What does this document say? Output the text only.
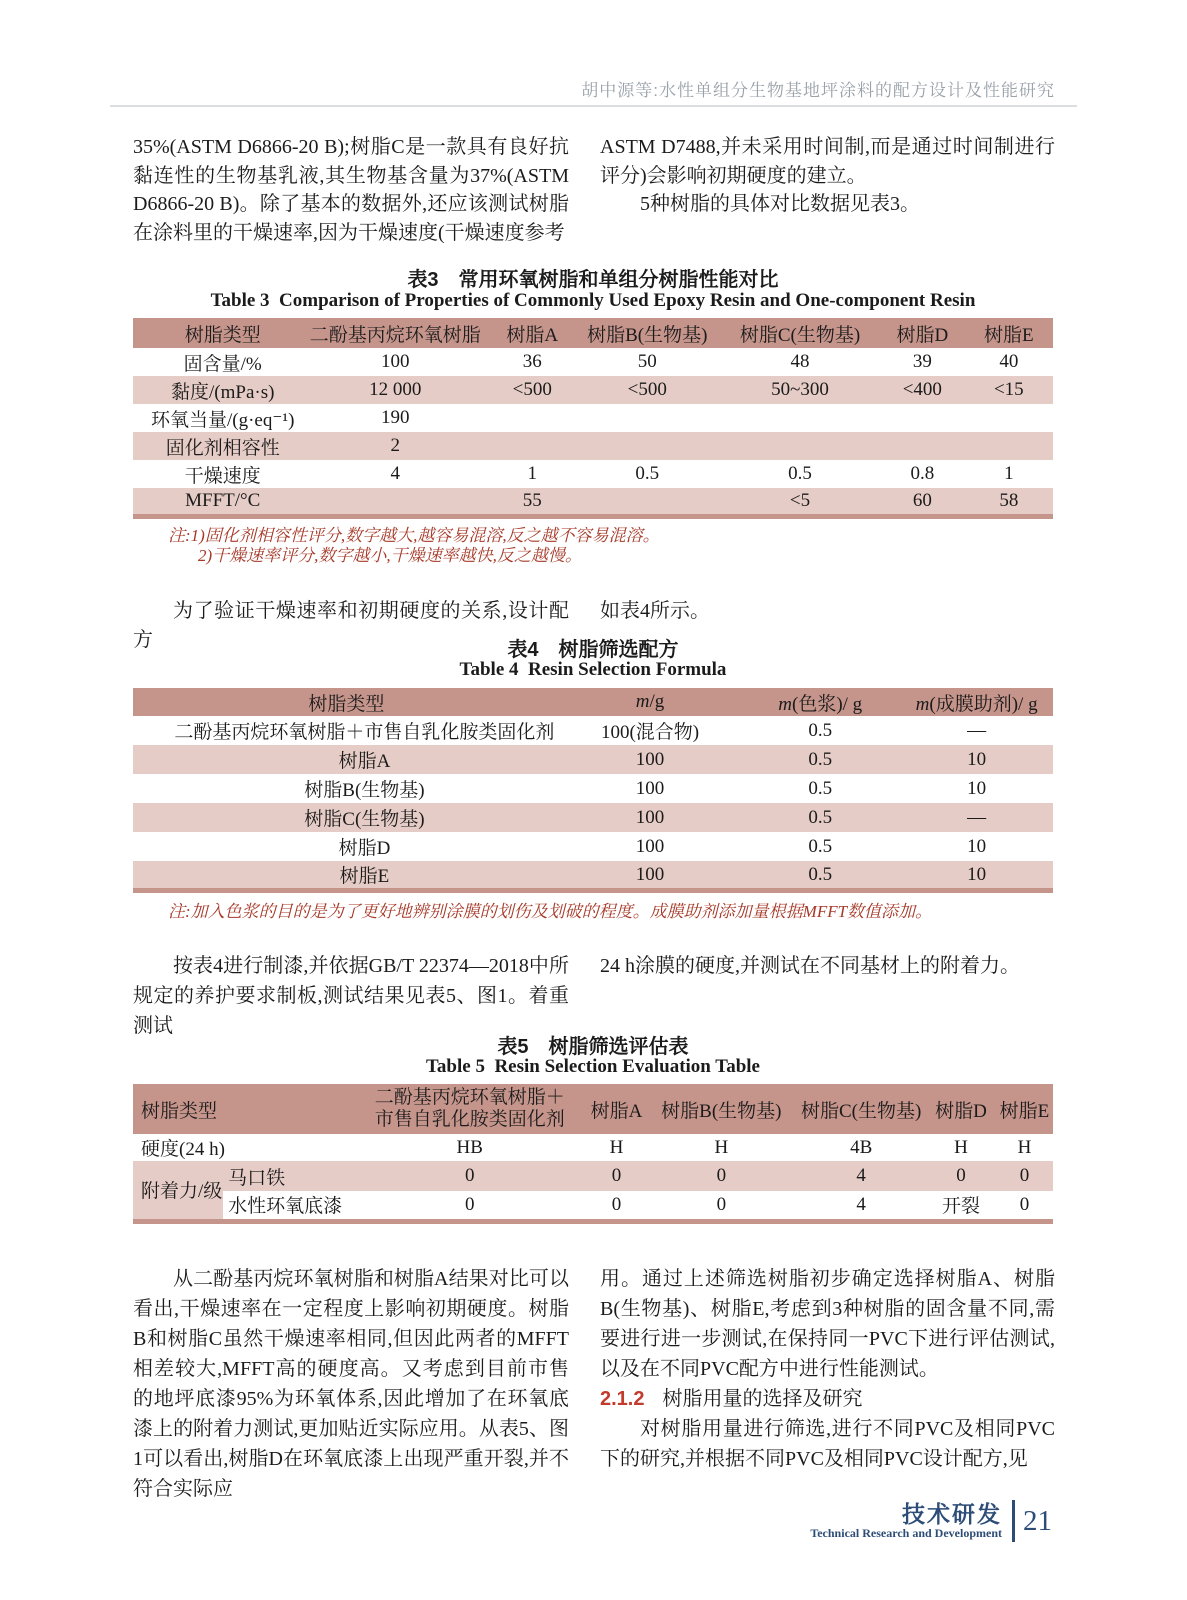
胡中源等:水性单组分生物基地坪涂料的配方设计及性能研究

35%(ASTM D6866-20 B);树脂C是一款具有良好抗黏连性的生物基乳液,其生物基含量为37%(ASTM D6866-20 B)。除了基本的数据外,还应该测试树脂在涂料里的干燥速率,因为干燥速度(干燥速度参考

ASTM D7488,并未采用时间制,而是通过时间制进行评分)会影响初期硬度的建立。

5种树脂的具体对比数据见表3。

表3　常用环氧树脂和单组分树脂性能对比
Table 3  Comparison of Properties of Commonly Used Epoxy Resin and One-component Resin
树脂类型	二酚基丙烷环氧树脂	树脂A	树脂B(生物基)	树脂C(生物基)	树脂D	树脂E
固含量/%	100	36	50	48	39	40
黏度/(mPa·s)	12 000	<500	<500	50~300	<400	<15
环氧当量/(g·eq⁻¹)	190					
固化剂相容性	2					
干燥速度	4	1	0.5	0.5	0.8	1
MFFT/°C		55		<5	60	58
注:1)固化剂相容性评分,数字越大,越容易混溶,反之越不容易混溶。
2)干燥速率评分,数字越小,干燥速率越快,反之越慢。

为了验证干燥速率和初期硬度的关系,设计配方

如表4所示。

表4　树脂筛选配方
Table 4  Resin Selection Formula
树脂类型	m/g	m(色浆)/ g	m(成膜助剂)/ g
二酚基丙烷环氧树脂＋市售自乳化胺类固化剂	100(混合物)	0.5	—
树脂A	100	0.5	10
树脂B(生物基)	100	0.5	10
树脂C(生物基)	100	0.5	—
树脂D	100	0.5	10
树脂E	100	0.5	10
注:加入色浆的目的是为了更好地辨别涂膜的划伤及划破的程度。成膜助剂添加量根据MFFT数值添加。

按表4进行制漆,并依据GB/T 22374—2018中所规定的养护要求制板,测试结果见表5、图1。着重测试

24 h涂膜的硬度,并测试在不同基材上的附着力。

表5　树脂筛选评估表
Table 5  Resin Selection Evaluation Table
树脂类型		二酚基丙烷环氧树脂＋
市售自乳化胺类固化剂	树脂A	树脂B(生物基)	树脂C(生物基)	树脂D	树脂E
硬度(24 h)		HB	H	H	4B	H	H
附着力/级	马口铁	0	0	0	4	0	0
	水性环氧底漆	0	0	0	4	开裂	0

从二酚基丙烷环氧树脂和树脂A结果对比可以看出,干燥速率在一定程度上影响初期硬度。树脂B和树脂C虽然干燥速率相同,但因此两者的MFFT相差较大,MFFT高的硬度高。又考虑到目前市售的地坪底漆95%为环氧体系,因此增加了在环氧底漆上的附着力测试,更加贴近实际应用。从表5、图1可以看出,树脂D在环氧底漆上出现严重开裂,并不符合实际应

用。通过上述筛选树脂初步确定选择树脂A、树脂B(生物基)、树脂E,考虑到3种树脂的固含量不同,需要进行进一步测试,在保持同一PVC下进行评估测试,以及在不同PVC配方中进行性能测试。

2.1.2 树脂用量的选择及研究

对树脂用量进行筛选,进行不同PVC及相同PVC下的研究,并根据不同PVC及相同PVC设计配方,见

技术研发
Technical Research and Development 21
